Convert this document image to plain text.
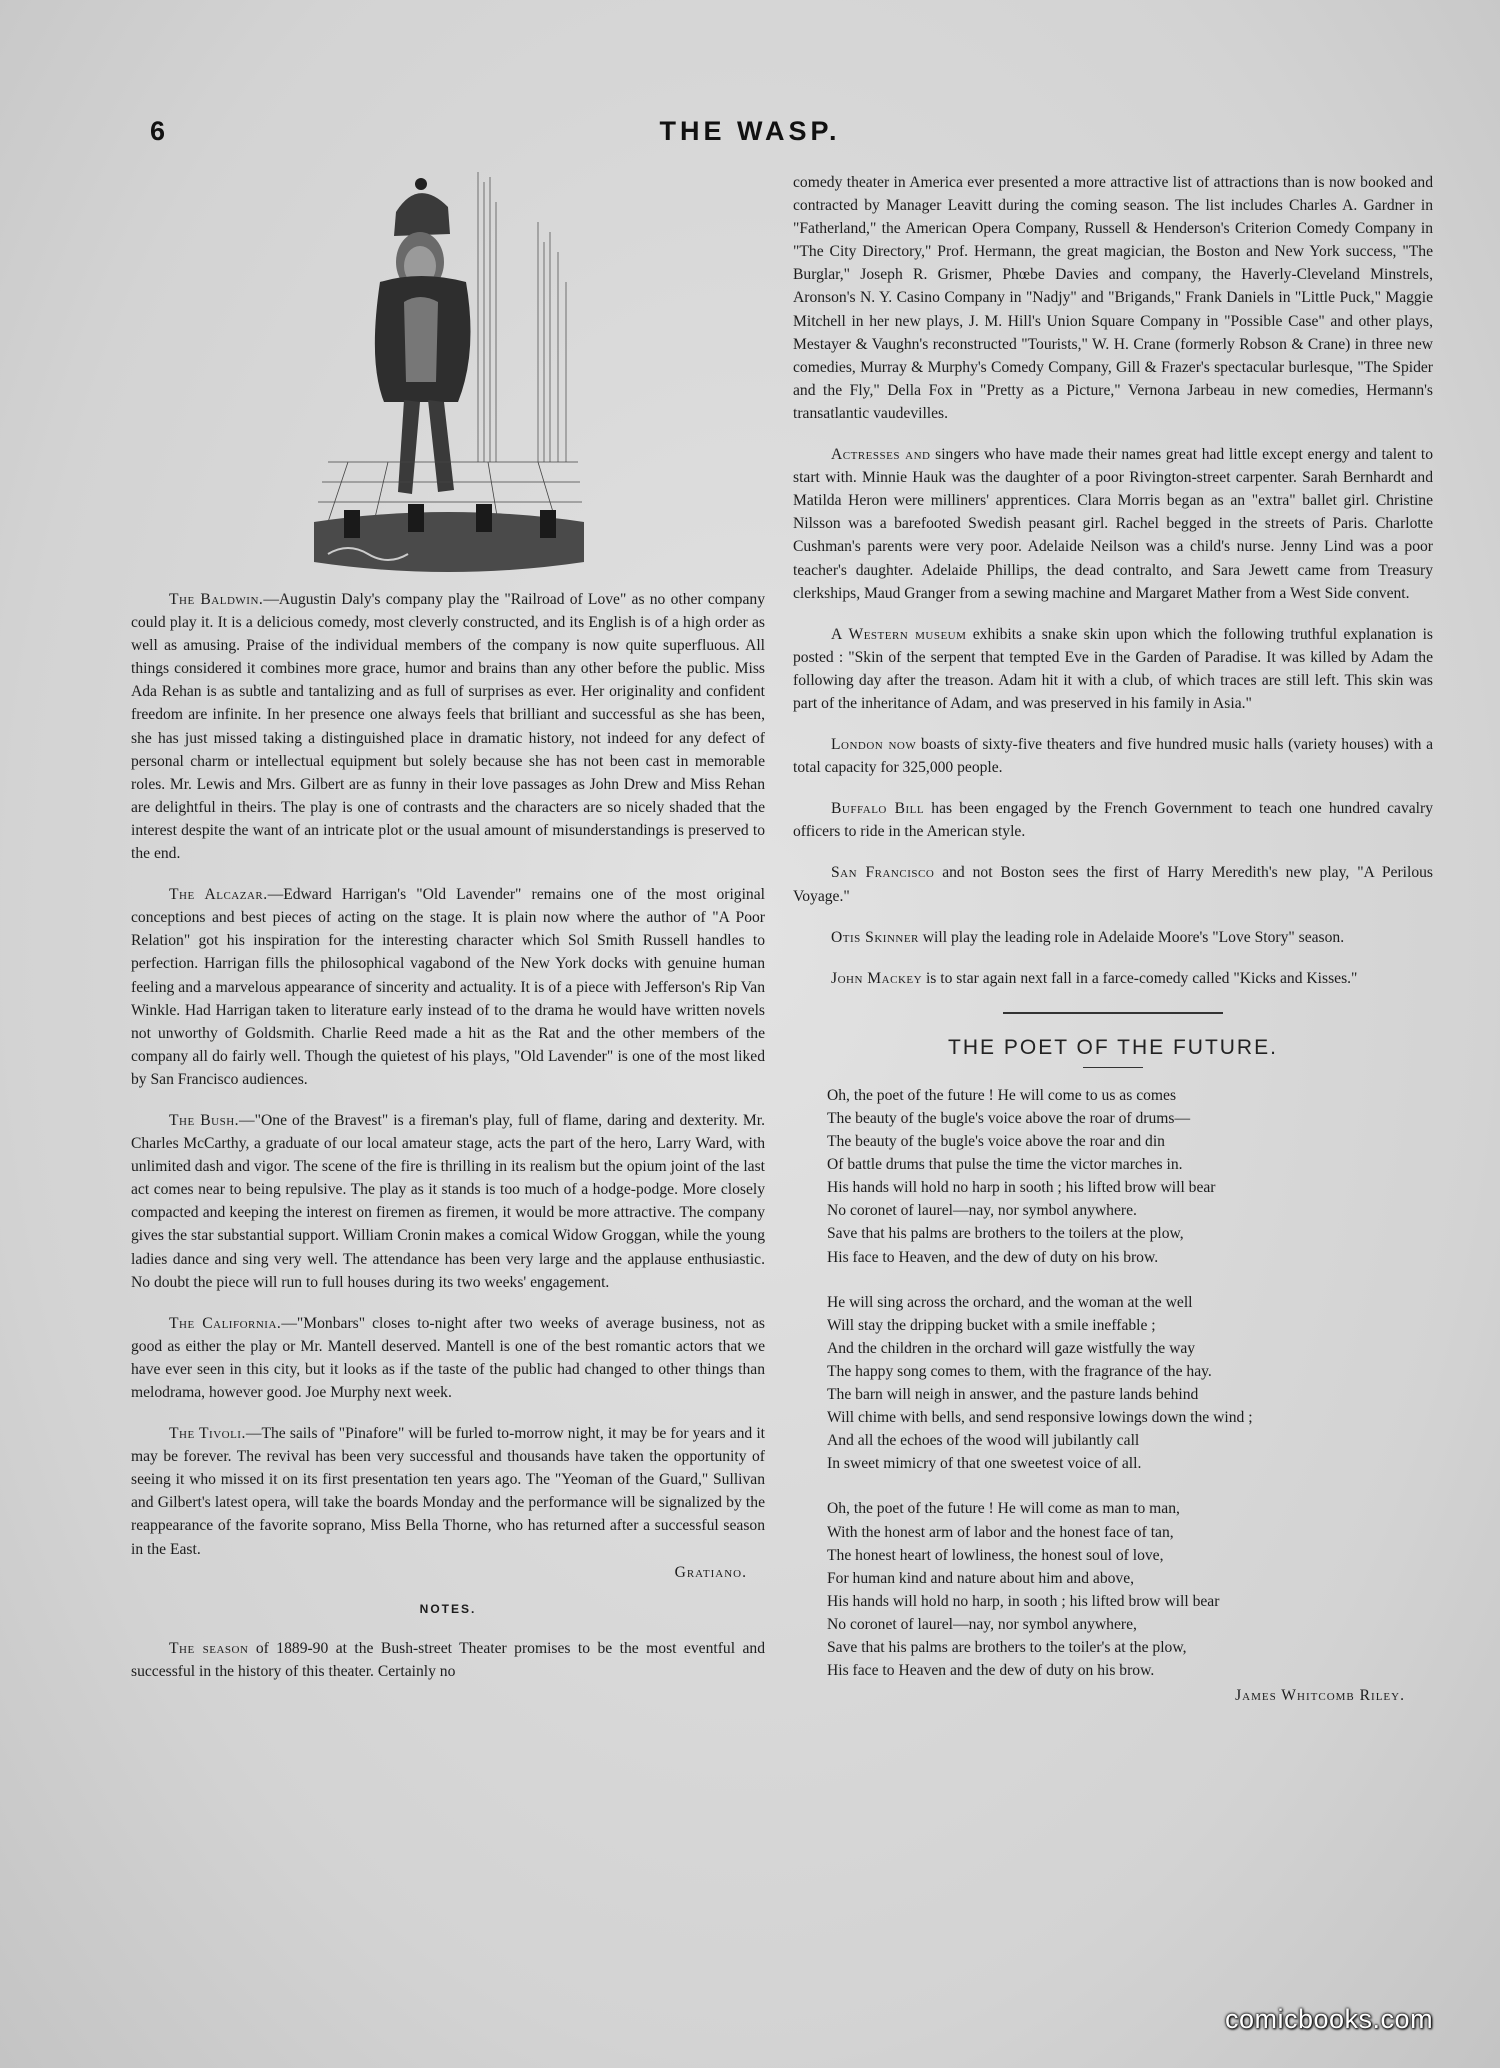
6	THE WASP.

The Baldwin.—Augustin Daly's company play the "Railroad of Love" as no other company could play it. It is a delicious comedy, most cleverly constructed, and its English is of a high order as well as amusing. Praise of the individual members of the company is now quite superfluous. All things considered it combines more grace, humor and brains than any other before the public. Miss Ada Rehan is as subtle and tantalizing and as full of surprises as ever. Her originality and confident freedom are infinite. In her presence one always feels that brilliant and successful as she has been, she has just missed taking a distinguished place in dramatic history, not indeed for any defect of personal charm or intellectual equipment but solely because she has not been cast in memorable roles. Mr. Lewis and Mrs. Gilbert are as funny in their love passages as John Drew and Miss Rehan are delightful in theirs. The play is one of contrasts and the characters are so nicely shaded that the interest despite the want of an intricate plot or the usual amount of misunderstandings is preserved to the end.

The Alcazar.—Edward Harrigan's "Old Lavender" remains one of the most original conceptions and best pieces of acting on the stage. It is plain now where the author of "A Poor Relation" got his inspiration for the interesting character which Sol Smith Russell handles to perfection. Harrigan fills the philosophical vagabond of the New York docks with genuine human feeling and a marvelous appearance of sincerity and actuality. It is of a piece with Jefferson's Rip Van Winkle. Had Harrigan taken to literature early instead of to the drama he would have written novels not unworthy of Goldsmith. Charlie Reed made a hit as the Rat and the other members of the company all do fairly well. Though the quietest of his plays, "Old Lavender" is one of the most liked by San Francisco audiences.

The Bush.—"One of the Bravest" is a fireman's play, full of flame, daring and dexterity. Mr. Charles McCarthy, a graduate of our local amateur stage, acts the part of the hero, Larry Ward, with unlimited dash and vigor. The scene of the fire is thrilling in its realism but the opium joint of the last act comes near to being repulsive. The play as it stands is too much of a hodge-podge. More closely compacted and keeping the interest on firemen as firemen, it would be more attractive. The company gives the star substantial support. William Cronin makes a comical Widow Groggan, while the young ladies dance and sing very well. The attendance has been very large and the applause enthusiastic. No doubt the piece will run to full houses during its two weeks' engagement.

The California.—"Monbars" closes to-night after two weeks of average business, not as good as either the play or Mr. Mantell deserved. Mantell is one of the best romantic actors that we have ever seen in this city, but it looks as if the taste of the public had changed to other things than melodrama, however good. Joe Murphy next week.

The Tivoli.—The sails of "Pinafore" will be furled to-morrow night, it may be for years and it may be forever. The revival has been very successful and thousands have taken the opportunity of seeing it who missed it on its first presentation ten years ago. The "Yeoman of the Guard," Sullivan and Gilbert's latest opera, will take the boards Monday and the performance will be signalized by the reappearance of the favorite soprano, Miss Bella Thorne, who has returned after a successful season in the East.

Gratiano.

NOTES.

The season of 1889-90 at the Bush-street Theater promises to be the most eventful and successful in the history of this theater. Certainly no

comedy theater in America ever presented a more attractive list of attractions than is now booked and contracted by Manager Leavitt during the coming season. The list includes Charles A. Gardner in "Fatherland," the American Opera Company, Russell & Henderson's Criterion Comedy Company in "The City Directory," Prof. Hermann, the great magician, the Boston and New York success, "The Burglar," Joseph R. Grismer, Phœbe Davies and company, the Haverly-Cleveland Minstrels, Aronson's N. Y. Casino Company in "Nadjy" and "Brigands," Frank Daniels in "Little Puck," Maggie Mitchell in her new plays, J. M. Hill's Union Square Company in "Possible Case" and other plays, Mestayer & Vaughn's reconstructed "Tourists," W. H. Crane (formerly Robson & Crane) in three new comedies, Murray & Murphy's Comedy Company, Gill & Frazer's spectacular burlesque, "The Spider and the Fly," Della Fox in "Pretty as a Picture," Vernona Jarbeau in new comedies, Hermann's transatlantic vaudevilles.

Actresses and singers who have made their names great had little except energy and talent to start with. Minnie Hauk was the daughter of a poor Rivington-street carpenter. Sarah Bernhardt and Matilda Heron were milliners' apprentices. Clara Morris began as an "extra" ballet girl. Christine Nilsson was a barefooted Swedish peasant girl. Rachel begged in the streets of Paris. Charlotte Cushman's parents were very poor. Adelaide Neilson was a child's nurse. Jenny Lind was a poor teacher's daughter. Adelaide Phillips, the dead contralto, and Sara Jewett came from Treasury clerkships, Maud Granger from a sewing machine and Margaret Mather from a West Side convent.

A Western museum exhibits a snake skin upon which the following truthful explanation is posted : "Skin of the serpent that tempted Eve in the Garden of Paradise. It was killed by Adam the following day after the treason. Adam hit it with a club, of which traces are still left. This skin was part of the inheritance of Adam, and was preserved in his family in Asia."

London now boasts of sixty-five theaters and five hundred music halls (variety houses) with a total capacity for 325,000 people.

Buffalo Bill has been engaged by the French Government to teach one hundred cavalry officers to ride in the American style.

San Francisco and not Boston sees the first of Harry Meredith's new play, "A Perilous Voyage."

Otis Skinner will play the leading role in Adelaide Moore's "Love Story" season.

John Mackey is to star again next fall in a farce-comedy called "Kicks and Kisses."

THE POET OF THE FUTURE.
Oh, the poet of the future ! He will come to us as comes
The beauty of the bugle's voice above the roar of drums—
The beauty of the bugle's voice above the roar and din
Of battle drums that pulse the time the victor marches in.
His hands will hold no harp in sooth ; his lifted brow will bear
No coronet of laurel—nay, nor symbol anywhere.
Save that his palms are brothers to the toilers at the plow,
His face to Heaven, and the dew of duty on his brow.
He will sing across the orchard, and the woman at the well
Will stay the dripping bucket with a smile ineffable ;
And the children in the orchard will gaze wistfully the way
The happy song comes to them, with the fragrance of the hay.
The barn will neigh in answer, and the pasture lands behind
Will chime with bells, and send responsive lowings down the wind ;
And all the echoes of the wood will jubilantly call
In sweet mimicry of that one sweetest voice of all.
Oh, the poet of the future ! He will come as man to man,
With the honest arm of labor and the honest face of tan,
The honest heart of lowliness, the honest soul of love,
For human kind and nature about him and above,
His hands will hold no harp, in sooth ; his lifted brow will bear
No coronet of laurel—nay, nor symbol anywhere,
Save that his palms are brothers to the toiler's at the plow,
His face to Heaven and the dew of duty on his brow.
James Whitcomb Riley.
comicbooks.com
